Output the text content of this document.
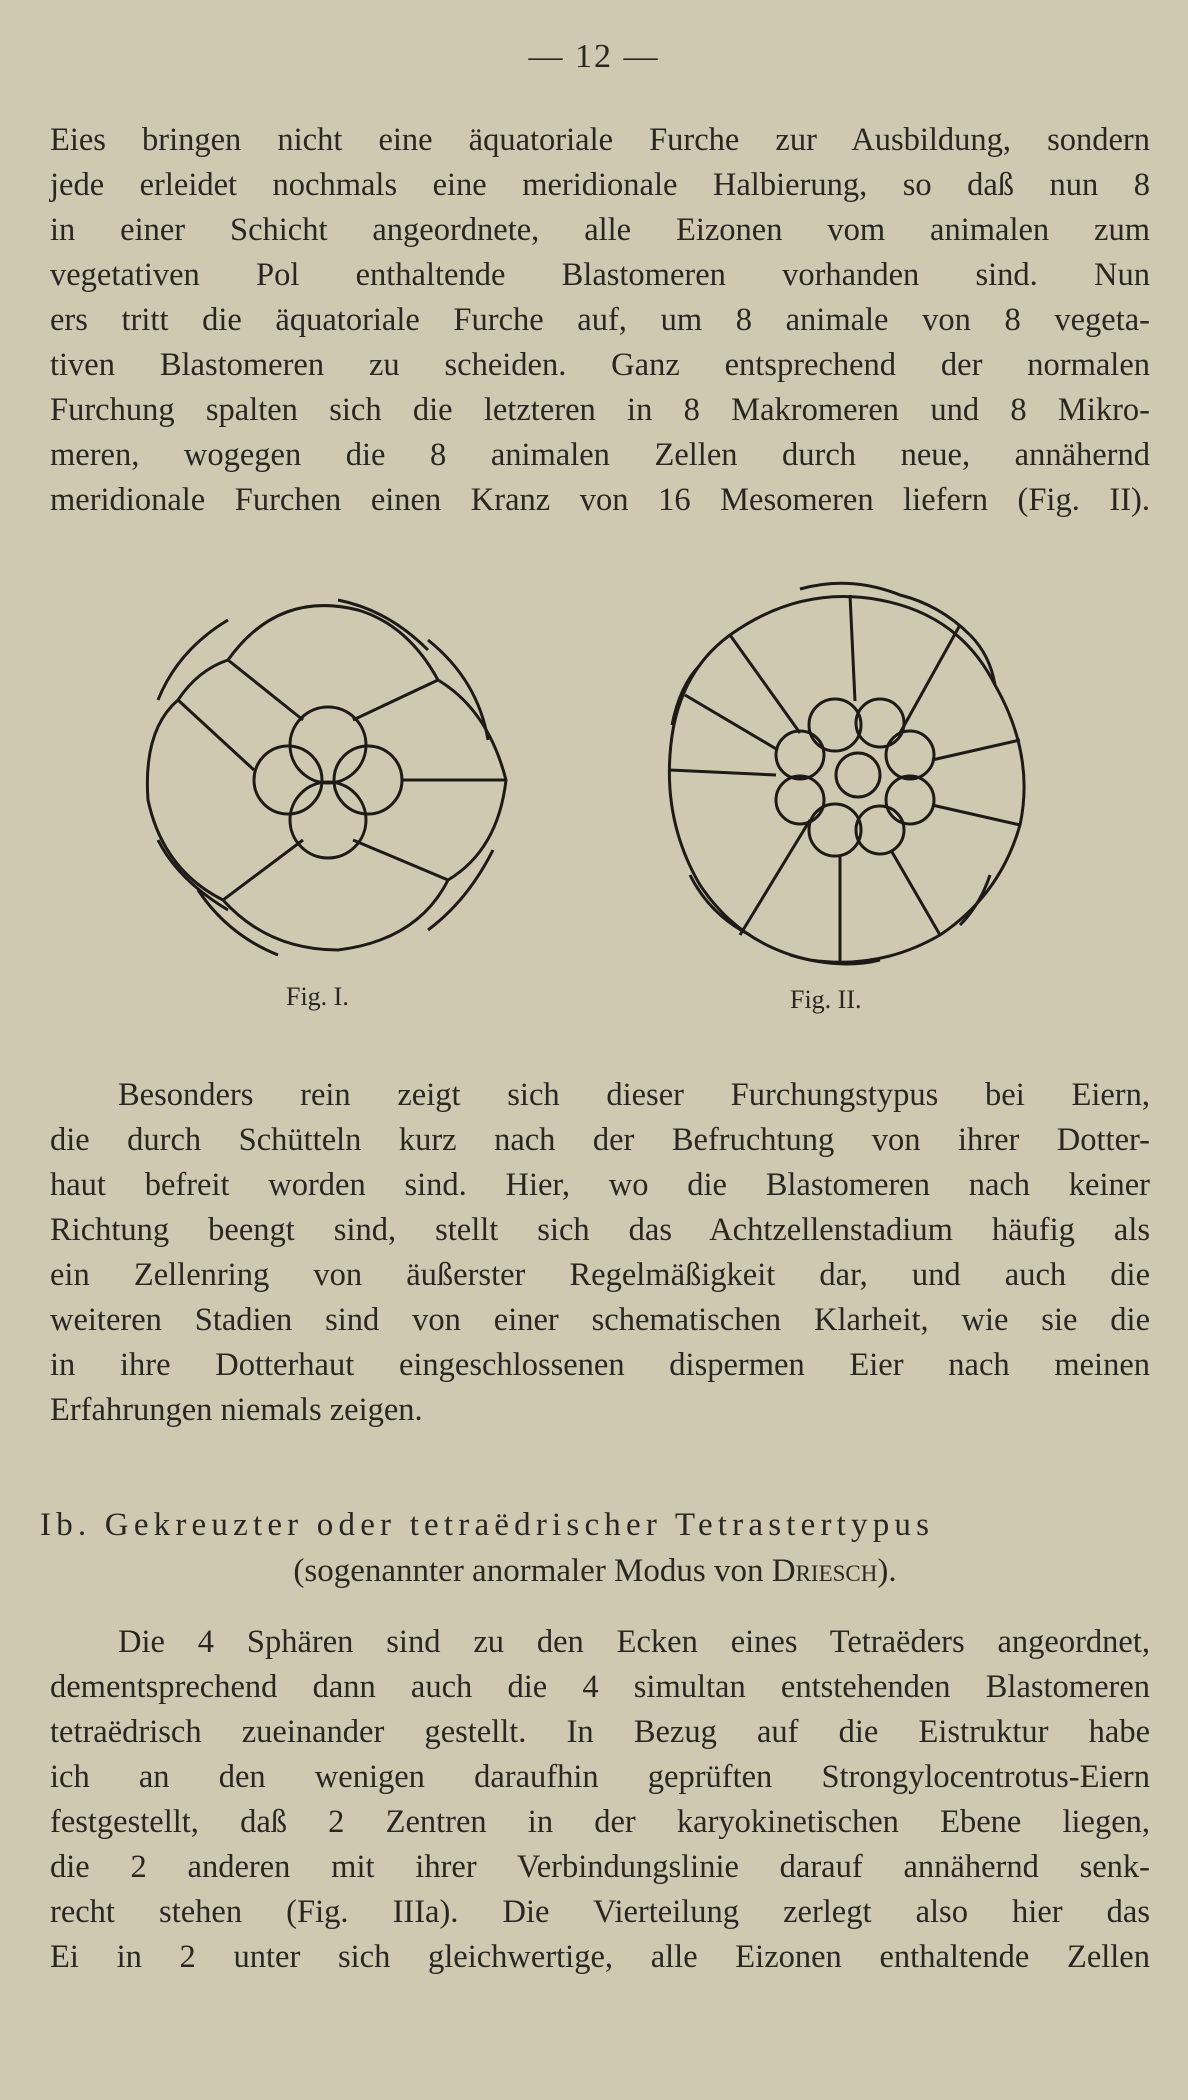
— 12 —
Eies bringen nicht eine äquatoriale Furche zur Ausbildung, sondern
jede erleidet nochmals eine meridionale Halbierung, so daß nun 8
in einer Schicht angeordnete, alle Eizonen vom animalen zum
vegetativen Pol enthaltende Blastomeren vorhanden sind. Nun
ers tritt die äquatoriale Furche auf, um 8 animale von 8 vegeta-
tiven Blastomeren zu scheiden. Ganz entsprechend der normalen
Furchung spalten sich die letzteren in 8 Makromeren und 8 Mikro-
meren, wogegen die 8 animalen Zellen durch neue, annähernd
meridionale Furchen einen Kranz von 16 Mesomeren liefern (Fig. II).
Fig. I.	Fig. II.
Besonders rein zeigt sich dieser Furchungstypus bei Eiern,
die durch Schütteln kurz nach der Befruchtung von ihrer Dotter-
haut befreit worden sind. Hier, wo die Blastomeren nach keiner
Richtung beengt sind, stellt sich das Achtzellenstadium häufig als
ein Zellenring von äußerster Regelmäßigkeit dar, und auch die
weiteren Stadien sind von einer schematischen Klarheit, wie sie die
in ihre Dotterhaut eingeschlossenen dispermen Eier nach meinen
Erfahrungen niemals zeigen.
Ib. Gekreuzter oder tetraëdrischer Tetrastertypus
(sogenannter anormaler Modus von Driesch).
Die 4 Sphären sind zu den Ecken eines Tetraëders angeordnet,
dementsprechend dann auch die 4 simultan entstehenden Blastomeren
tetraëdrisch zueinander gestellt. In Bezug auf die Eistruktur habe
ich an den wenigen daraufhin geprüften Strongylocentrotus-Eiern
festgestellt, daß 2 Zentren in der karyokinetischen Ebene liegen,
die 2 anderen mit ihrer Verbindungslinie darauf annähernd senk-
recht stehen (Fig. IIIa). Die Vierteilung zerlegt also hier das
Ei in 2 unter sich gleichwertige, alle Eizonen enthaltende Zellen
